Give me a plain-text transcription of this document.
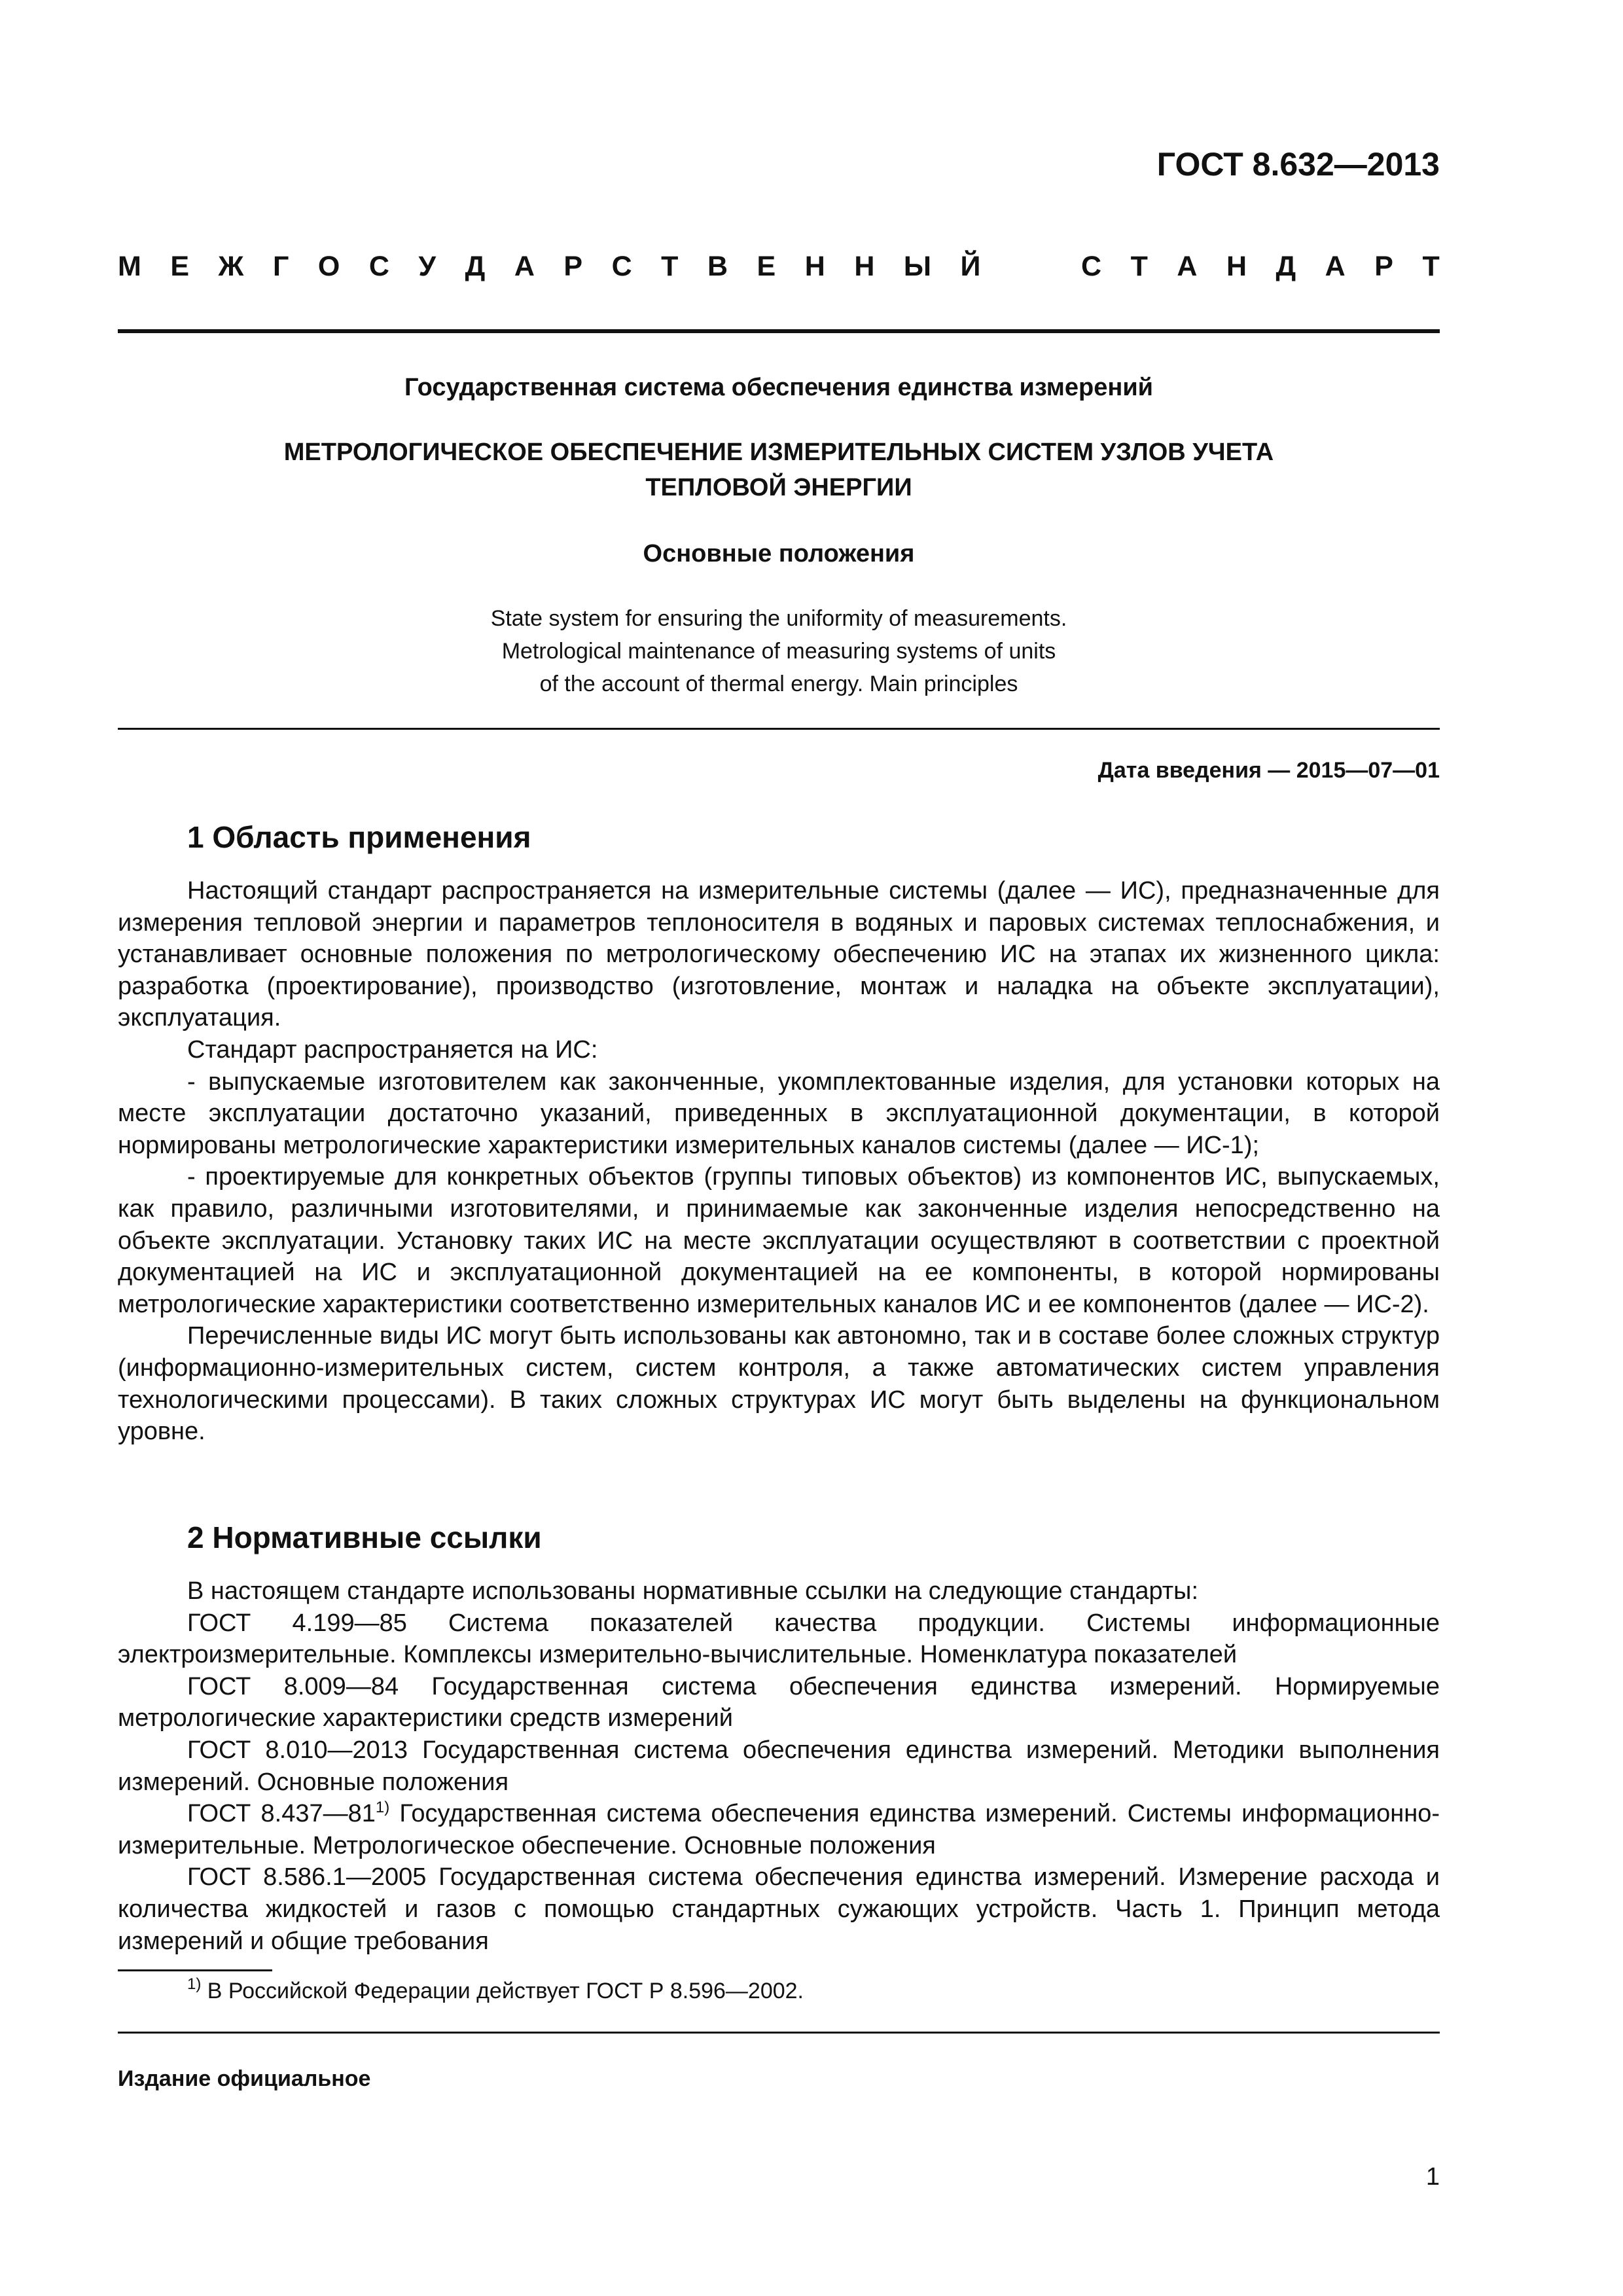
ГОСТ 8.632—2013
М Е Ж Г О С У Д А Р С Т В Е Н Н Ы Й	С Т А Н Д А Р Т
Государственная система обеспечения единства измерений
МЕТРОЛОГИЧЕСКОЕ ОБЕСПЕЧЕНИЕ ИЗМЕРИТЕЛЬНЫХ СИСТЕМ УЗЛОВ УЧЕТА
ТЕПЛОВОЙ ЭНЕРГИИ
Основные положения
State system for ensuring the uniformity of measurements.
Metrological maintenance of measuring systems of units
of the account of thermal energy. Main principles
Дата введения — 2015—07—01
1 Область применения

Настоящий стандарт распространяется на измерительные системы (далее — ИС), предназначенные для измерения тепловой энергии и параметров теплоносителя в водяных и паровых системах теплоснабжения, и устанавливает основные положения по метрологическому обеспечению ИС на этапах их жизненного цикла: разработка (проектирование), производство (изготовление, монтаж и наладка на объекте эксплуатации), эксплуатация.

Стандарт распространяется на ИС:

- выпускаемые изготовителем как законченные, укомплектованные изделия, для установки которых на месте эксплуатации достаточно указаний, приведенных в эксплуатационной документации, в которой нормированы метрологические характеристики измерительных каналов системы (далее — ИС-1);

- проектируемые для конкретных объектов (группы типовых объектов) из компонентов ИС, выпускаемых, как правило, различными изготовителями, и принимаемые как законченные изделия непосредственно на объекте эксплуатации. Установку таких ИС на месте эксплуатации осуществляют в соответствии с проектной документацией на ИС и эксплуатационной документацией на ее компоненты, в которой нормированы метрологические характеристики соответственно измерительных каналов ИС и ее компонентов (далее — ИС-2).

Перечисленные виды ИС могут быть использованы как автономно, так и в составе более сложных структур (информационно-измерительных систем, систем контроля, а также автоматических систем управления технологическими процессами). В таких сложных структурах ИС могут быть выделены на функциональном уровне.

2 Нормативные ссылки

В настоящем стандарте использованы нормативные ссылки на следующие стандарты:

ГОСТ 4.199—85 Система показателей качества продукции. Системы информационные электроизмерительные. Комплексы измерительно-вычислительные. Номенклатура показателей

ГОСТ 8.009—84 Государственная система обеспечения единства измерений. Нормируемые метрологические характеристики средств измерений

ГОСТ 8.010—2013 Государственная система обеспечения единства измерений. Методики выполнения измерений. Основные положения

ГОСТ 8.437—81$^{1)}$ Государственная система обеспечения единства измерений. Системы информационно-измерительные. Метрологическое обеспечение. Основные положения

ГОСТ 8.586.1—2005 Государственная система обеспечения единства измерений. Измерение расхода и количества жидкостей и газов с помощью стандартных сужающих устройств. Часть 1. Принцип метода измерений и общие требования

$^{1)}$ В Российской Федерации действует ГОСТ Р 8.596—2002.
Издание официальное
1
